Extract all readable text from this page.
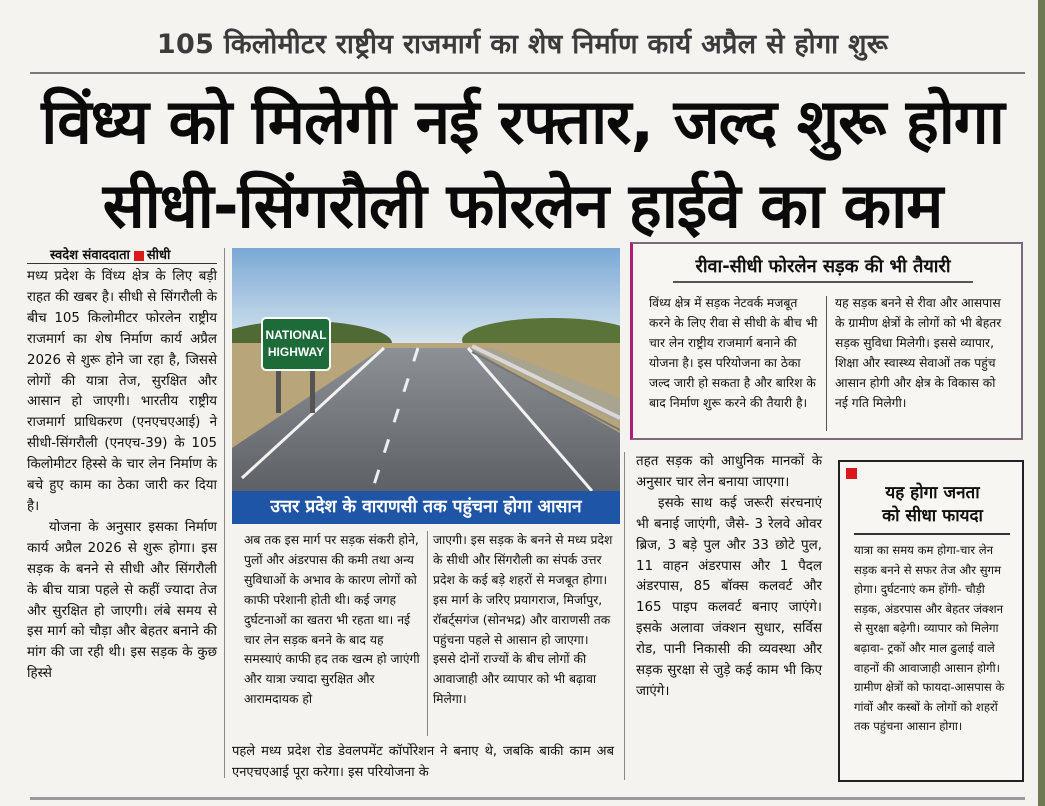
105 किलोमीटर राष्ट्रीय राजमार्ग का शेष निर्माण कार्य अप्रैल से होगा शुरू
विंध्य को मिलेगी नई रफ्तार, जल्द शुरू होगा
सीधी-सिंगरौली फोरलेन हाईवे का काम
स्वदेश संवाददाता सीधी

मध्य प्रदेश के विंध्य क्षेत्र के लिए बड़ी राहत की खबर है। सीधी से सिंगरौली के बीच 105 किलोमीटर फोरलेन राष्ट्रीय राजमार्ग का शेष निर्माण कार्य अप्रैल 2026 से शुरू होने जा रहा है, जिससे लोगों की यात्रा तेज, सुरक्षित और आसान हो जाएगी। भारतीय राष्ट्रीय राजमार्ग प्राधिकरण (एनएचएआई) ने सीधी-सिंगरौली (एनएच-39) के 105 किलोमीटर हिस्से के चार लेन निर्माण के बचे हुए काम का ठेका जारी कर दिया है।

योजना के अनुसार इसका निर्माण कार्य अप्रैल 2026 से शुरू होगा। इस सड़क के बनने से सीधी और सिंगरौली के बीच यात्रा पहले से कहीं ज्यादा तेज और सुरक्षित हो जाएगी। लंबे समय से इस मार्ग को चौड़ा और बेहतर बनाने की मांग की जा रही थी। इस सड़क के कुछ हिस्से

NATIONAL
HIGHWAY
उत्तर प्रदेश के वाराणसी तक पहुंचना होगा आसान
अब तक इस मार्ग पर सड़क संकरी होने, पुलों और अंडरपास की कमी तथा अन्य सुविधाओं के अभाव के कारण लोगों को काफी परेशानी होती थी। कई जगह दुर्घटनाओं का खतरा भी रहता था। नई चार लेन सड़क बनने के बाद यह समस्याएं काफी हद तक खत्म हो जाएंगी और यात्रा ज्यादा सुरक्षित और आरामदायक हो
जाएगी। इस सड़क के बनने से मध्य प्रदेश के सीधी और सिंगरौली का संपर्क उत्तर प्रदेश के कई बड़े शहरों से मजबूत होगा। इस मार्ग के जरिए प्रयागराज, मिर्जापुर, रॉबर्ट्सगंज (सोनभद्र) और वाराणसी तक पहुंचना पहले से आसान हो जाएगा। इससे दोनों राज्यों के बीच लोगों की आवाजाही और व्यापार को भी बढ़ावा मिलेगा।
पहले मध्य प्रदेश रोड डेवलपमेंट कॉर्पोरेशन ने बनाए थे, जबकि बाकी काम अब एनएचएआई पूरा करेगा। इस परियोजना के
रीवा-सीधी फोरलेन सड़क की भी तैयारी
विंध्य क्षेत्र में सड़क नेटवर्क मजबूत करने के लिए रीवा से सीधी के बीच भी चार लेन राष्ट्रीय राजमार्ग बनाने की योजना है। इस परियोजना का ठेका जल्द जारी हो सकता है और बारिश के बाद निर्माण शुरू करने की तैयारी है।
यह सड़क बनने से रीवा और आसपास के ग्रामीण क्षेत्रों के लोगों को भी बेहतर सड़क सुविधा मिलेगी। इससे व्यापार, शिक्षा और स्वास्थ्य सेवाओं तक पहुंच आसान होगी और क्षेत्र के विकास को नई गति मिलेगी।

तहत सड़क को आधुनिक मानकों के अनुसार चार लेन बनाया जाएगा।

इसके साथ कई जरूरी संरचनाएं भी बनाई जाएंगी, जैसे- 3 रेलवे ओवर ब्रिज, 3 बड़े पुल और 33 छोटे पुल, 11 वाहन अंडरपास और 1 पैदल अंडरपास, 85 बॉक्स कलवर्ट और 165 पाइप कलवर्ट बनाए जाएंगे। इसके अलावा जंक्शन सुधार, सर्विस रोड, पानी निकासी की व्यवस्था और सड़क सुरक्षा से जुड़े कई काम भी किए जाएंगे।

यह होगा जनता
को सीधा फायदा
यात्रा का समय कम होगा-चार लेन सड़क बनने से सफर तेज और सुगम होगा। दुर्घटनाएं कम होंगी- चौड़ी सड़क, अंडरपास और बेहतर जंक्शन से सुरक्षा बढ़ेगी। व्यापार को मिलेगा बढ़ावा- ट्रकों और माल ढुलाई वाले वाहनों की आवाजाही आसान होगी। ग्रामीण क्षेत्रों को फायदा-आसपास के गांवों और कस्बों के लोगों को शहरों तक पहुंचना आसान होगा।
